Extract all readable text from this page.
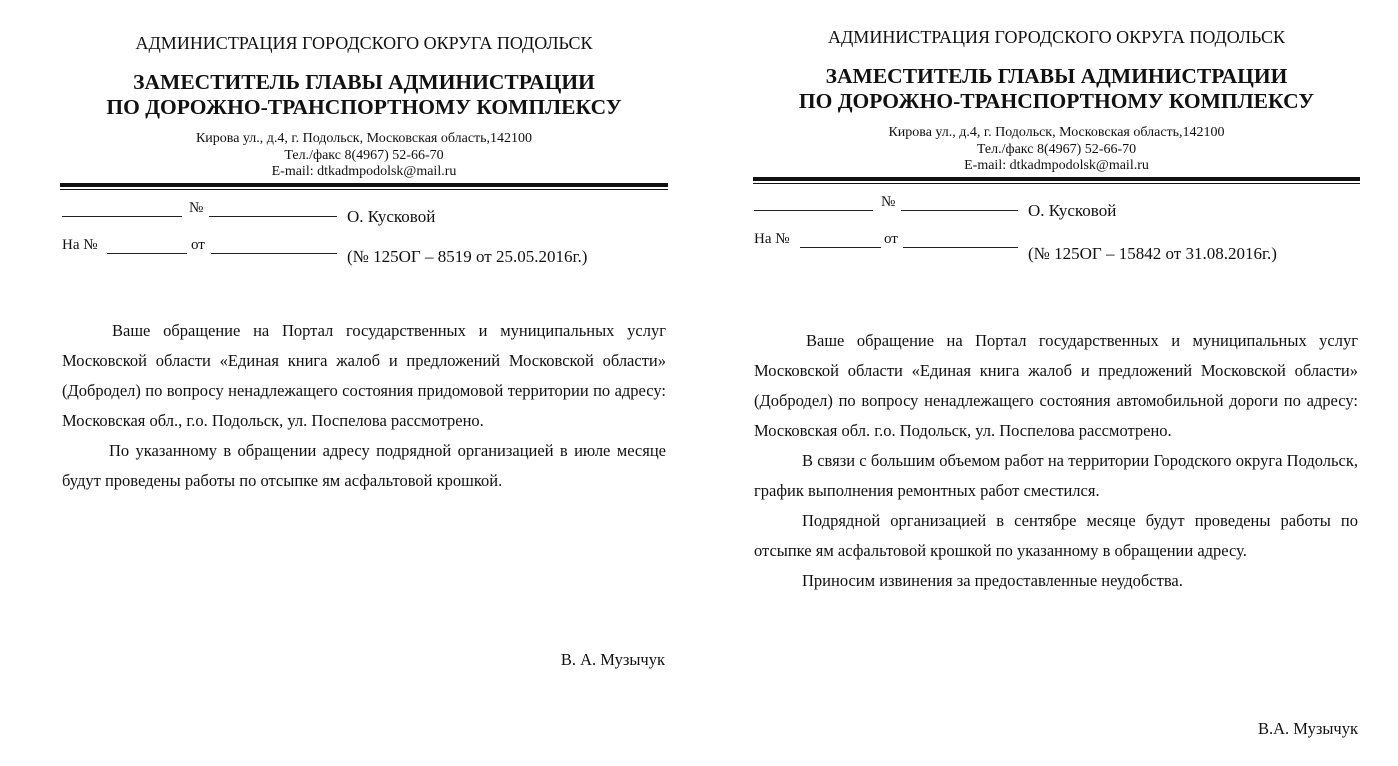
АДМИНИСТРАЦИЯ ГОРОДСКОГО ОКРУГА ПОДОЛЬСК
ЗАМЕСТИТЕЛЬ ГЛАВЫ АДМИНИСТРАЦИИ
ПО ДОРОЖНО-ТРАНСПОРТНОМУ КОМПЛЕКСУ
Кирова ул., д.4, г. Подольск, Московская область,142100
Тел./факс 8(4967) 52-66-70
E-mail: dtkadmpodolsk@mail.ru
№	О. Кусковой
На №	от
(№ 125ОГ – 8519 от 25.05.2016г.)
Ваше обращение на Портал государственных и муниципальных услуг Московской области «Единая книга жалоб и предложений Московской области» (Добродел) по вопросу ненадлежащего состояния придомовой территории по адресу: Московская обл., г.о. Подольск, ул. Поспелова рассмотрено.
По указанному в обращении адресу подрядной организацией в июле месяце будут проведены работы по отсыпке ям асфальтовой крошкой.
В. А. Музычук
АДМИНИСТРАЦИЯ ГОРОДСКОГО ОКРУГА ПОДОЛЬСК
ЗАМЕСТИТЕЛЬ ГЛАВЫ АДМИНИСТРАЦИИ
ПО ДОРОЖНО-ТРАНСПОРТНОМУ КОМПЛЕКСУ
Кирова ул., д.4, г. Подольск, Московская область,142100
Тел./факс 8(4967) 52-66-70
E-mail: dtkadmpodolsk@mail.ru
№	О. Кусковой
На №	от
(№ 125ОГ – 15842 от 31.08.2016г.)
Ваше обращение на Портал государственных и муниципальных услуг Московской области «Единая книга жалоб и предложений Московской области» (Добродел) по вопросу ненадлежащего состояния автомобильной дороги по адресу: Московская обл. г.о. Подольск, ул. Поспелова рассмотрено.
В связи с большим объемом работ на территории Городского округа Подольск, график выполнения ремонтных работ сместился.
Подрядной организацией в сентябре месяце будут проведены работы по отсыпке ям асфальтовой крошкой по указанному в обращении адресу.
Приносим извинения за предоставленные неудобства.
В.А. Музычук
